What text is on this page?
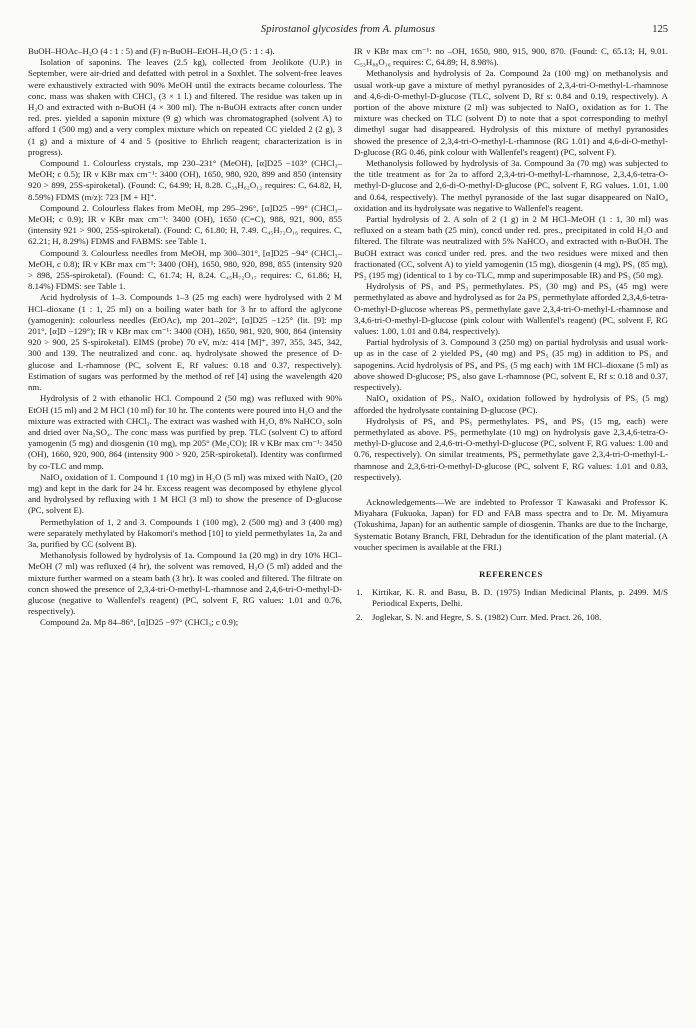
Spirostanol glycosides from A. plumosus	125

BuOH–HOAc–H₂O (4 : 1 : 5) and (F) n-BuOH–EtOH–H₂O (5 : 1 : 4).

Isolation of saponins. The leaves (2.5 kg), collected from Jeolikote (U.P.) in September, were air-dried and defatted with petrol in a Soxhlet. The solvent-free leaves were exhaustively extracted with 90% MeOH until the extracts became colourless. The conc. mass was shaken with CHCl₃ (3 × 1 l.) and filtered. The residue was taken up in H₂O and extracted with n-BuOH (4 × 300 ml). The n-BuOH extracts after concn under red. pres. yielded a saponin mixture (9 g) which was chromatographed (solvent A) to afford 1 (500 mg) and a very complex mixture which on repeated CC yielded 2 (2 g), 3 (1 g) and a mixture of 4 and 5 (positive to Ehrlich reagent; characterization is in progress).

Compound 1. Colourless crystals, mp 230–231° (MeOH), [α]D25 −103° (CHCl₃–MeOH; c 0.5); IR ν KBr max cm⁻¹: 3400 (OH), 1650, 980, 920, 899 and 850 (intensity 920 > 899, 25S-spiroketal). (Found: C, 64.99; H, 8.28. C₃₉H₆₂O₁₂ requires: C, 64.82, H, 8.59%) FDMS (m/z): 723 [M + H]⁺.

Compound 2. Colourless flakes from MeOH, mp 295–296°, [α]D25 −99° (CHCl₃–MeOH; c 0.9); IR ν KBr max cm⁻¹: 3400 (OH), 1650 (C=C), 988, 921, 900, 855 (intensity 921 > 900, 25S-spiroketal). (Found: C, 61.80; H, 7.49. C₄₅H₇₂O₁₆ requires. C, 62.21; H, 8.29%) FDMS and FABMS: see Table 1.

Compound 3. Colourless needles from MeOH, mp 300–301°, [α]D25 −94° (CHCl₃–MeOH, c 0.8); IR ν KBr max cm⁻¹: 3400 (OH), 1650, 980, 920, 898, 855 (intensity 920 > 898, 25S-spiroketal). (Found: C, 61.74; H, 8.24. C₄₅H₇₂O₁₇ requires: C, 61.86; H, 8.14%) FDMS: see Table 1.

Acid hydrolysis of 1–3. Compounds 1–3 (25 mg each) were hydrolysed with 2 M HCl–dioxane (1 : 1, 25 ml) on a boiling water bath for 3 hr to afford the aglycone (yamogenin): colourless needles (EtOAc), mp 201–202°, [α]D25 −125° (lit. [9]: mp 201°, [α]D −129°); IR ν KBr max cm⁻¹: 3400 (OH), 1650, 981, 920, 900, 864 (intensity 920 > 900, 25 S-spiroketal). EIMS (probe) 70 eV, m/z: 414 [M]⁺, 397, 355, 345, 342, 300 and 139. The neutralized and conc. aq. hydrolysate showed the presence of D-glucose and L-rhamnose (PC, solvent E, Rf values: 0.18 and 0.37, respectively). Estimation of sugars was performed by the method of ref [4] using the wavelength 420 nm.

Hydrolysis of 2 with ethanolic HCl. Compound 2 (50 mg) was refluxed with 90% EtOH (15 ml) and 2 M HCl (10 ml) for 10 hr. The contents were poured into H₂O and the mixture was extracted with CHCl₃. The extract was washed with H₂O, 8% NaHCO₃ soln and dried over Na₂SO₄. The conc mass was purified by prep. TLC (solvent C) to afford yamogenin (5 mg) and diosgenin (10 mg), mp 205° (Me₂CO); IR ν KBr max cm⁻¹: 3450 (OH), 1660, 920, 900, 864 (intensity 900 > 920, 25R-spiroketal). Identity was confirmed by co-TLC and mmp.

NaIO₄ oxidation of 1. Compound 1 (10 mg) in H₂O (5 ml) was mixed with NaIO₄ (20 mg) and kept in the dark for 24 hr. Excess reagent was decomposed by ethylene glycol and hydrolysed by refluxing with 1 M HCl (3 ml) to show the presence of D-glucose (PC, solvent E).

Permethylation of 1, 2 and 3. Compounds 1 (100 mg), 2 (500 mg) and 3 (400 mg) were separately methylated by Hakomori's method [10] to yield permethylates 1a, 2a and 3a, purified by CC (solvent B).

Methanolysis followed by hydrolysis of 1a. Compound 1a (20 mg) in dry 10% HCl–MeOH (7 ml) was refluxed (4 hr), the solvent was removed, H₂O (5 ml) added and the mixture further warmed on a steam bath (3 hr). It was cooled and filtered. The filtrate on concn showed the presence of 2,3,4-tri-O-methyl-L-rhamnose and 2,4,6-tri-O-methyl-D-glucose (negative to Wallenfel's reagent) (PC, solvent F, RG values: 1.01 and 0.76, respectively).

Compound 2a. Mp 84–86°, [α]D25 −97° (CHCl₃; c 0.9);

IR ν KBr max cm⁻¹: no –OH, 1650, 980, 915, 900, 870. (Found: C, 65.13; H, 9.01. C₅₃H₈₈O₁₆ requires: C, 64.89; H, 8.98%).

Methanolysis and hydrolysis of 2a. Compound 2a (100 mg) on methanolysis and usual work-up gave a mixture of methyl pyranosides of 2,3,4-tri-O-methyl-L-rhamnose and 4,6-di-O-methyl-D-glucose (TLC, solvent D, Rf s: 0.84 and 0.19, respectively). A portion of the above mixture (2 ml) was subjected to NaIO₄ oxidation as for 1. The mixture was checked on TLC (solvent D) to note that a spot corresponding to methyl dimethyl sugar had disappeared. Hydrolysis of this mixture of methyl pyranosides showed the presence of 2,3,4-tri-O-methyl-L-rhamnose (RG 1.01) and 4,6-di-O-methyl-D-glucose (RG 0.46, pink colour with Wallenfel's reagent) (PC, solvent F).

Methanolysis followed by hydrolysis of 3a. Compound 3a (70 mg) was subjected to the title treatment as for 2a to afford 2,3,4-tri-O-methyl-L-rhamnose, 2,3,4,6-tetra-O-methyl-D-glucose and 2,6-di-O-methyl-D-glucose (PC, solvent F, RG values. 1.01, 1.00 and 0.64, respectively). The methyl pyranoside of the last sugar disappeared on NaIO₄ oxidation and its hydrolysate was negative to Wallenfel's reagent.

Partial hydrolysis of 2. A soln of 2 (1 g) in 2 M HCl–MeOH (1 : 1, 30 ml) was refluxed on a steam bath (25 min), concd under red. pres., precipitated in cold H₂O and filtered. The filtrate was neutralized with 5% NaHCO₃ and extracted with n-BuOH. The BuOH extract was concd under red. pres. and the two residues were mixed and then fractionated (CC, solvent A) to yield yamogenin (15 mg), diosgenin (4 mg), PS₁ (85 mg), PS₂ (195 mg) (identical to 1 by co-TLC, mmp and superimposable IR) and PS₃ (50 mg).

Hydrolysis of PS₁ and PS₃ permethylates. PS₁ (30 mg) and PS₃ (45 mg) were permethylated as above and hydrolysed as for 2a PS₁ permethylate afforded 2,3,4,6-tetra-O-methyl-D-glucose whereas PS₃ permethylate gave 2,3,4-tri-O-methyl-L-rhamnose and 3,4,6-tri-O-methyl-D-glucose (pink colour with Wallenfel's reagent) (PC, solvent F, RG values: 1.00, 1.01 and 0.84, respectively).

Partial hydrolysis of 3. Compound 3 (250 mg) on partial hydrolysis and usual work-up as in the case of 2 yielded PS₄ (40 mg) and PS₅ (35 mg) in addition to PS₁ and sapogenins. Acid hydrolysis of PS₄ and PS₅ (5 mg each) with 1M HCl–dioxane (5 ml) as above showed D-glucose; PS₄ also gave L-rhamnose (PC, solvent E, Rf s: 0.18 and 0.37, respectively).

NaIO₄ oxidation of PS₅. NaIO₄ oxidation followed by hydrolysis of PS₅ (5 mg) afforded the hydrolysate containing D-glucose (PC).

Hydrolysis of PS₄ and PS₅ permethylates. PS₄ and PS₅ (15 mg, each) were permethylated as above. PS₅ permethylate (10 mg) on hydrolysis gave 2,3,4,6-tetra-O-methyl-D-glucose and 2,4,6-tri-O-methyl-D-glucose (PC, solvent F, RG values: 1.00 and 0.76, respectively). On similar treatments, PS₄ permethylate gave 2,3,4-tri-O-methyl-L-rhamnose and 2,3,6-tri-O-methyl-D-glucose (PC, solvent F, RG values: 1.01 and 0.83, respectively).

Acknowledgements—We are indebted to Professor T Kawasaki and Professor K. Miyahara (Fukuoka, Japan) for FD and FAB mass spectra and to Dr. M. Miyamura (Tokushima, Japan) for an authentic sample of diosgenin. Thanks are due to the Incharge, Systematic Botany Branch, FRI, Dehradun for the identification of the plant material. (A voucher specimen is available at the FRI.)

REFERENCES
1.	Kirtikar, K. R. and Basu, B. D. (1975) Indian Medicinal Plants, p. 2499. M/S Periodical Experts, Delhi.
2.	Joglekar, S. N. and Hegre, S. S. (1982) Curr. Med. Pract. 26, 108.
